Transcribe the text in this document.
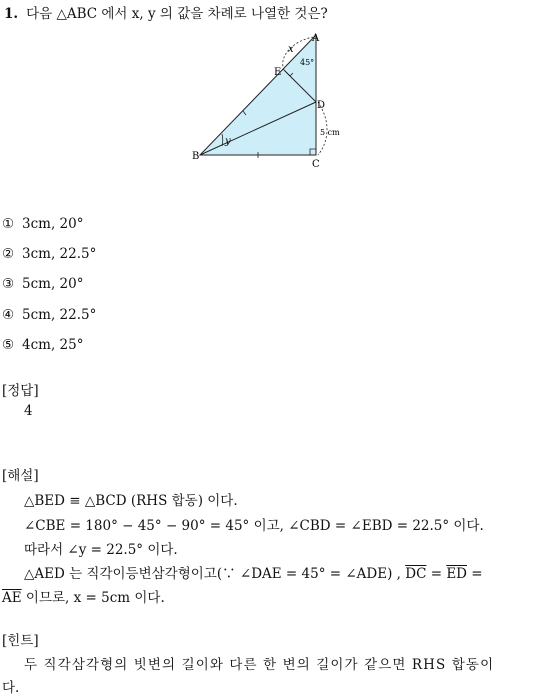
1. 다음 △ABC 에서 x, y 의 값을 차례로 나열한 것은?
A
B
C
D
E
x
y
45°
5 cm
① 3cm, 20°
② 3cm, 22.5°
③ 5cm, 20°
④ 5cm, 22.5°
⑤ 4cm, 25°
[정답]
4
[해설]
△BED ≡ △BCD (RHS 합동) 이다.
∠CBE = 180° − 45° − 90° = 45° 이고, ∠CBD = ∠EBD = 22.5° 이다.
따라서 ∠y = 22.5° 이다.
△AED 는 직각이등변삼각형이고(∵ ∠DAE = 45° = ∠ADE) , $\overline{DC} = \overline{ED}$ =
$\overline{AE}$ 이므로, x = 5cm 이다.
[힌트]
두 직각삼각형의 빗변의 길이와 다른 한 변의 길이가 같으면 RHS 합동이
다.
